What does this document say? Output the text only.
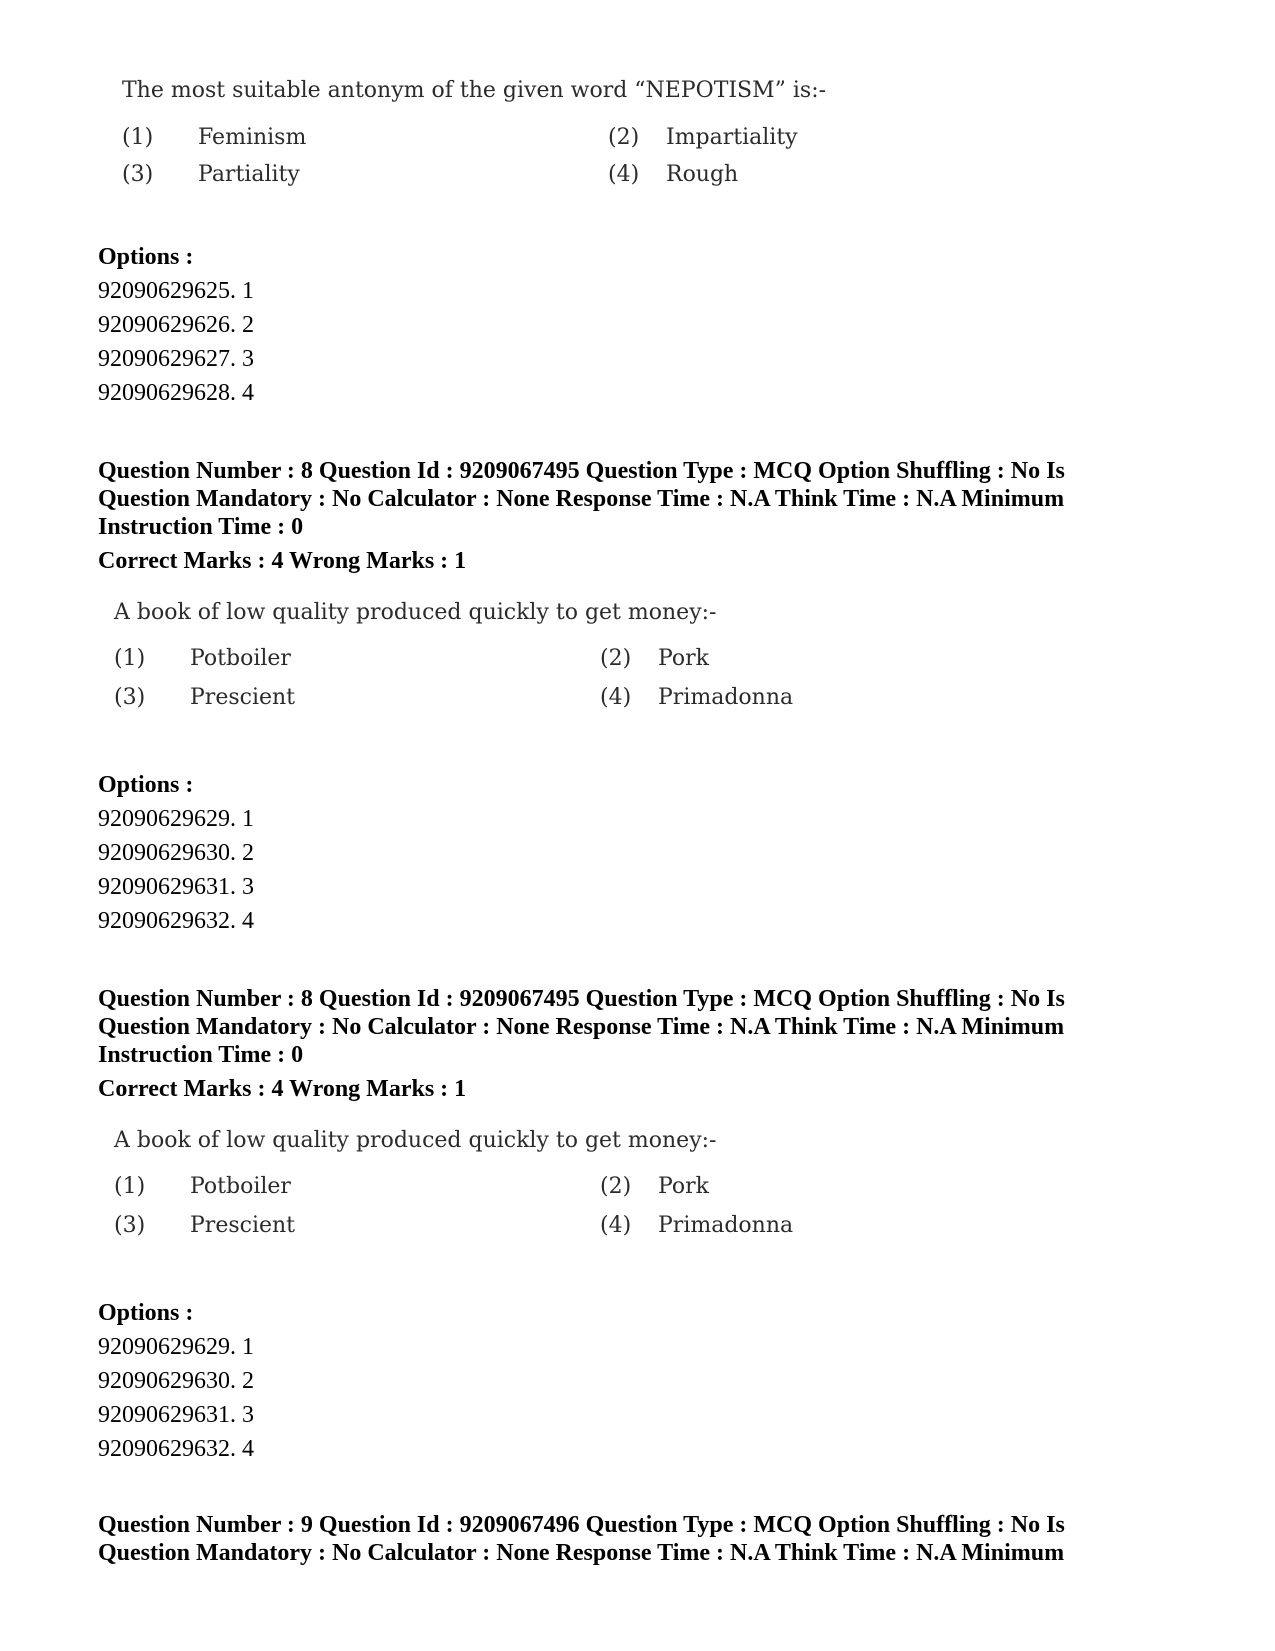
The most suitable antonym of the given word “NEPOTISM” is:-
(1) Feminism	(2) Impartiality
(3) Partiality	(4) Rough
Options :
92090629625. 1
92090629626. 2
92090629627. 3
92090629628. 4
Question Number : 8 Question Id : 9209067495 Question Type : MCQ Option Shuffling : No Is
Question Mandatory : No Calculator : None Response Time : N.A Think Time : N.A Minimum
Instruction Time : 0
Correct Marks : 4 Wrong Marks : 1
A book of low quality produced quickly to get money:-
(1) Potboiler	(2) Pork
(3) Prescient	(4) Primadonna
Options :
92090629629. 1
92090629630. 2
92090629631. 3
92090629632. 4
Question Number : 8 Question Id : 9209067495 Question Type : MCQ Option Shuffling : No Is
Question Mandatory : No Calculator : None Response Time : N.A Think Time : N.A Minimum
Instruction Time : 0
Correct Marks : 4 Wrong Marks : 1
A book of low quality produced quickly to get money:-
(1) Potboiler	(2) Pork
(3) Prescient	(4) Primadonna
Options :
92090629629. 1
92090629630. 2
92090629631. 3
92090629632. 4
Question Number : 9 Question Id : 9209067496 Question Type : MCQ Option Shuffling : No Is
Question Mandatory : No Calculator : None Response Time : N.A Think Time : N.A Minimum
